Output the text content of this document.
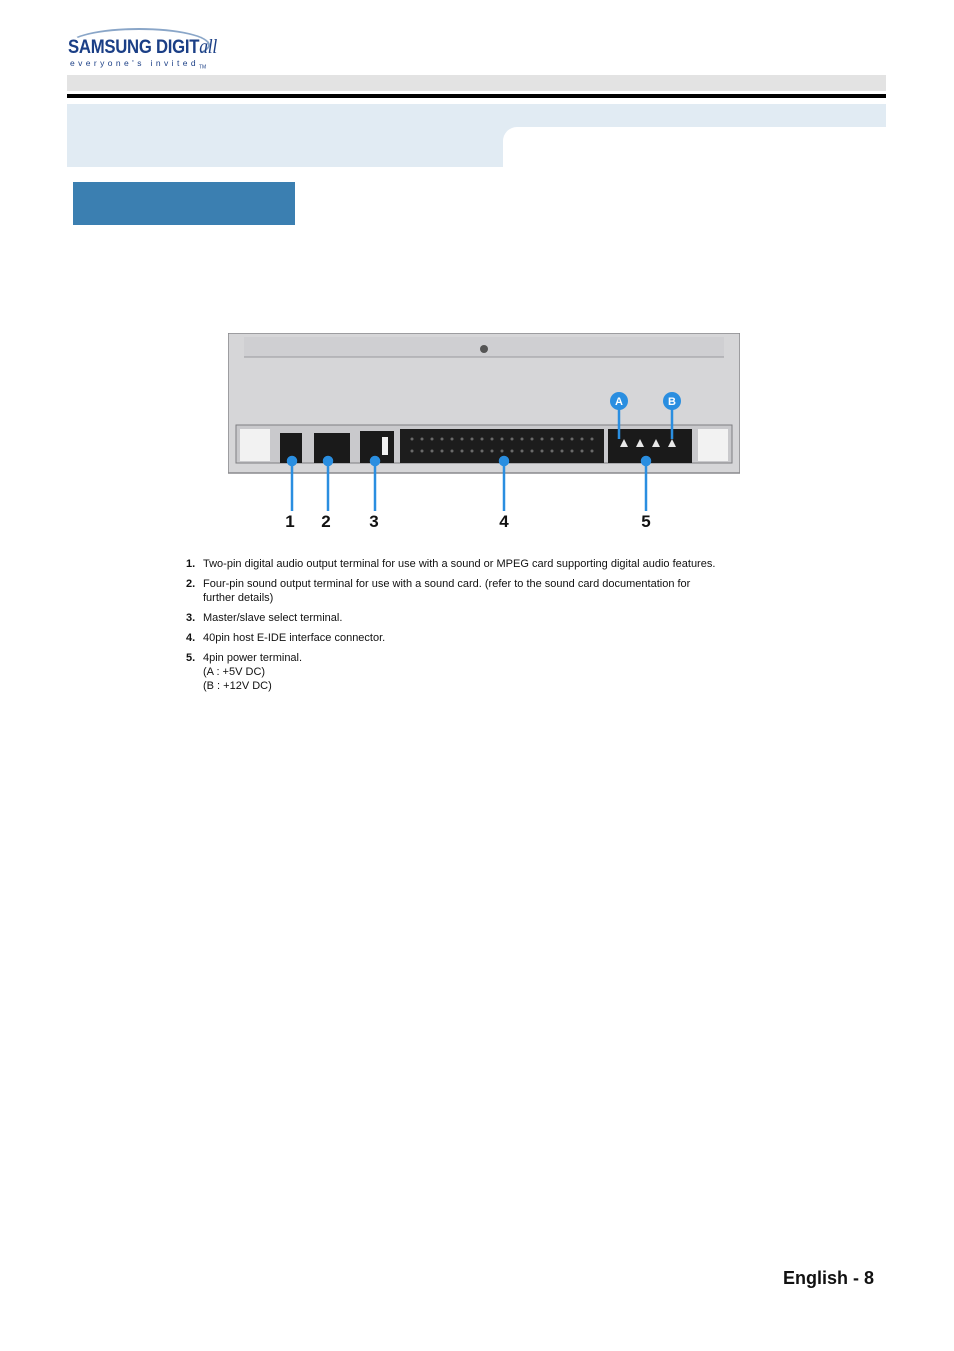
SAMSUNG DIGITall
everyone's invited$_{TM}$
A	B
1 2 3	4	5
1. Two-pin digital audio output terminal for use with a sound or MPEG card supporting digital audio features.
2. Four-pin sound output terminal for use with a sound card. (refer to the sound card documentation for
further details)
3. Master/slave select terminal.
4. 40pin host E-IDE interface connector.
5. 4pin power terminal.
(A : +5V DC)
(B : +12V DC)
English - 8
